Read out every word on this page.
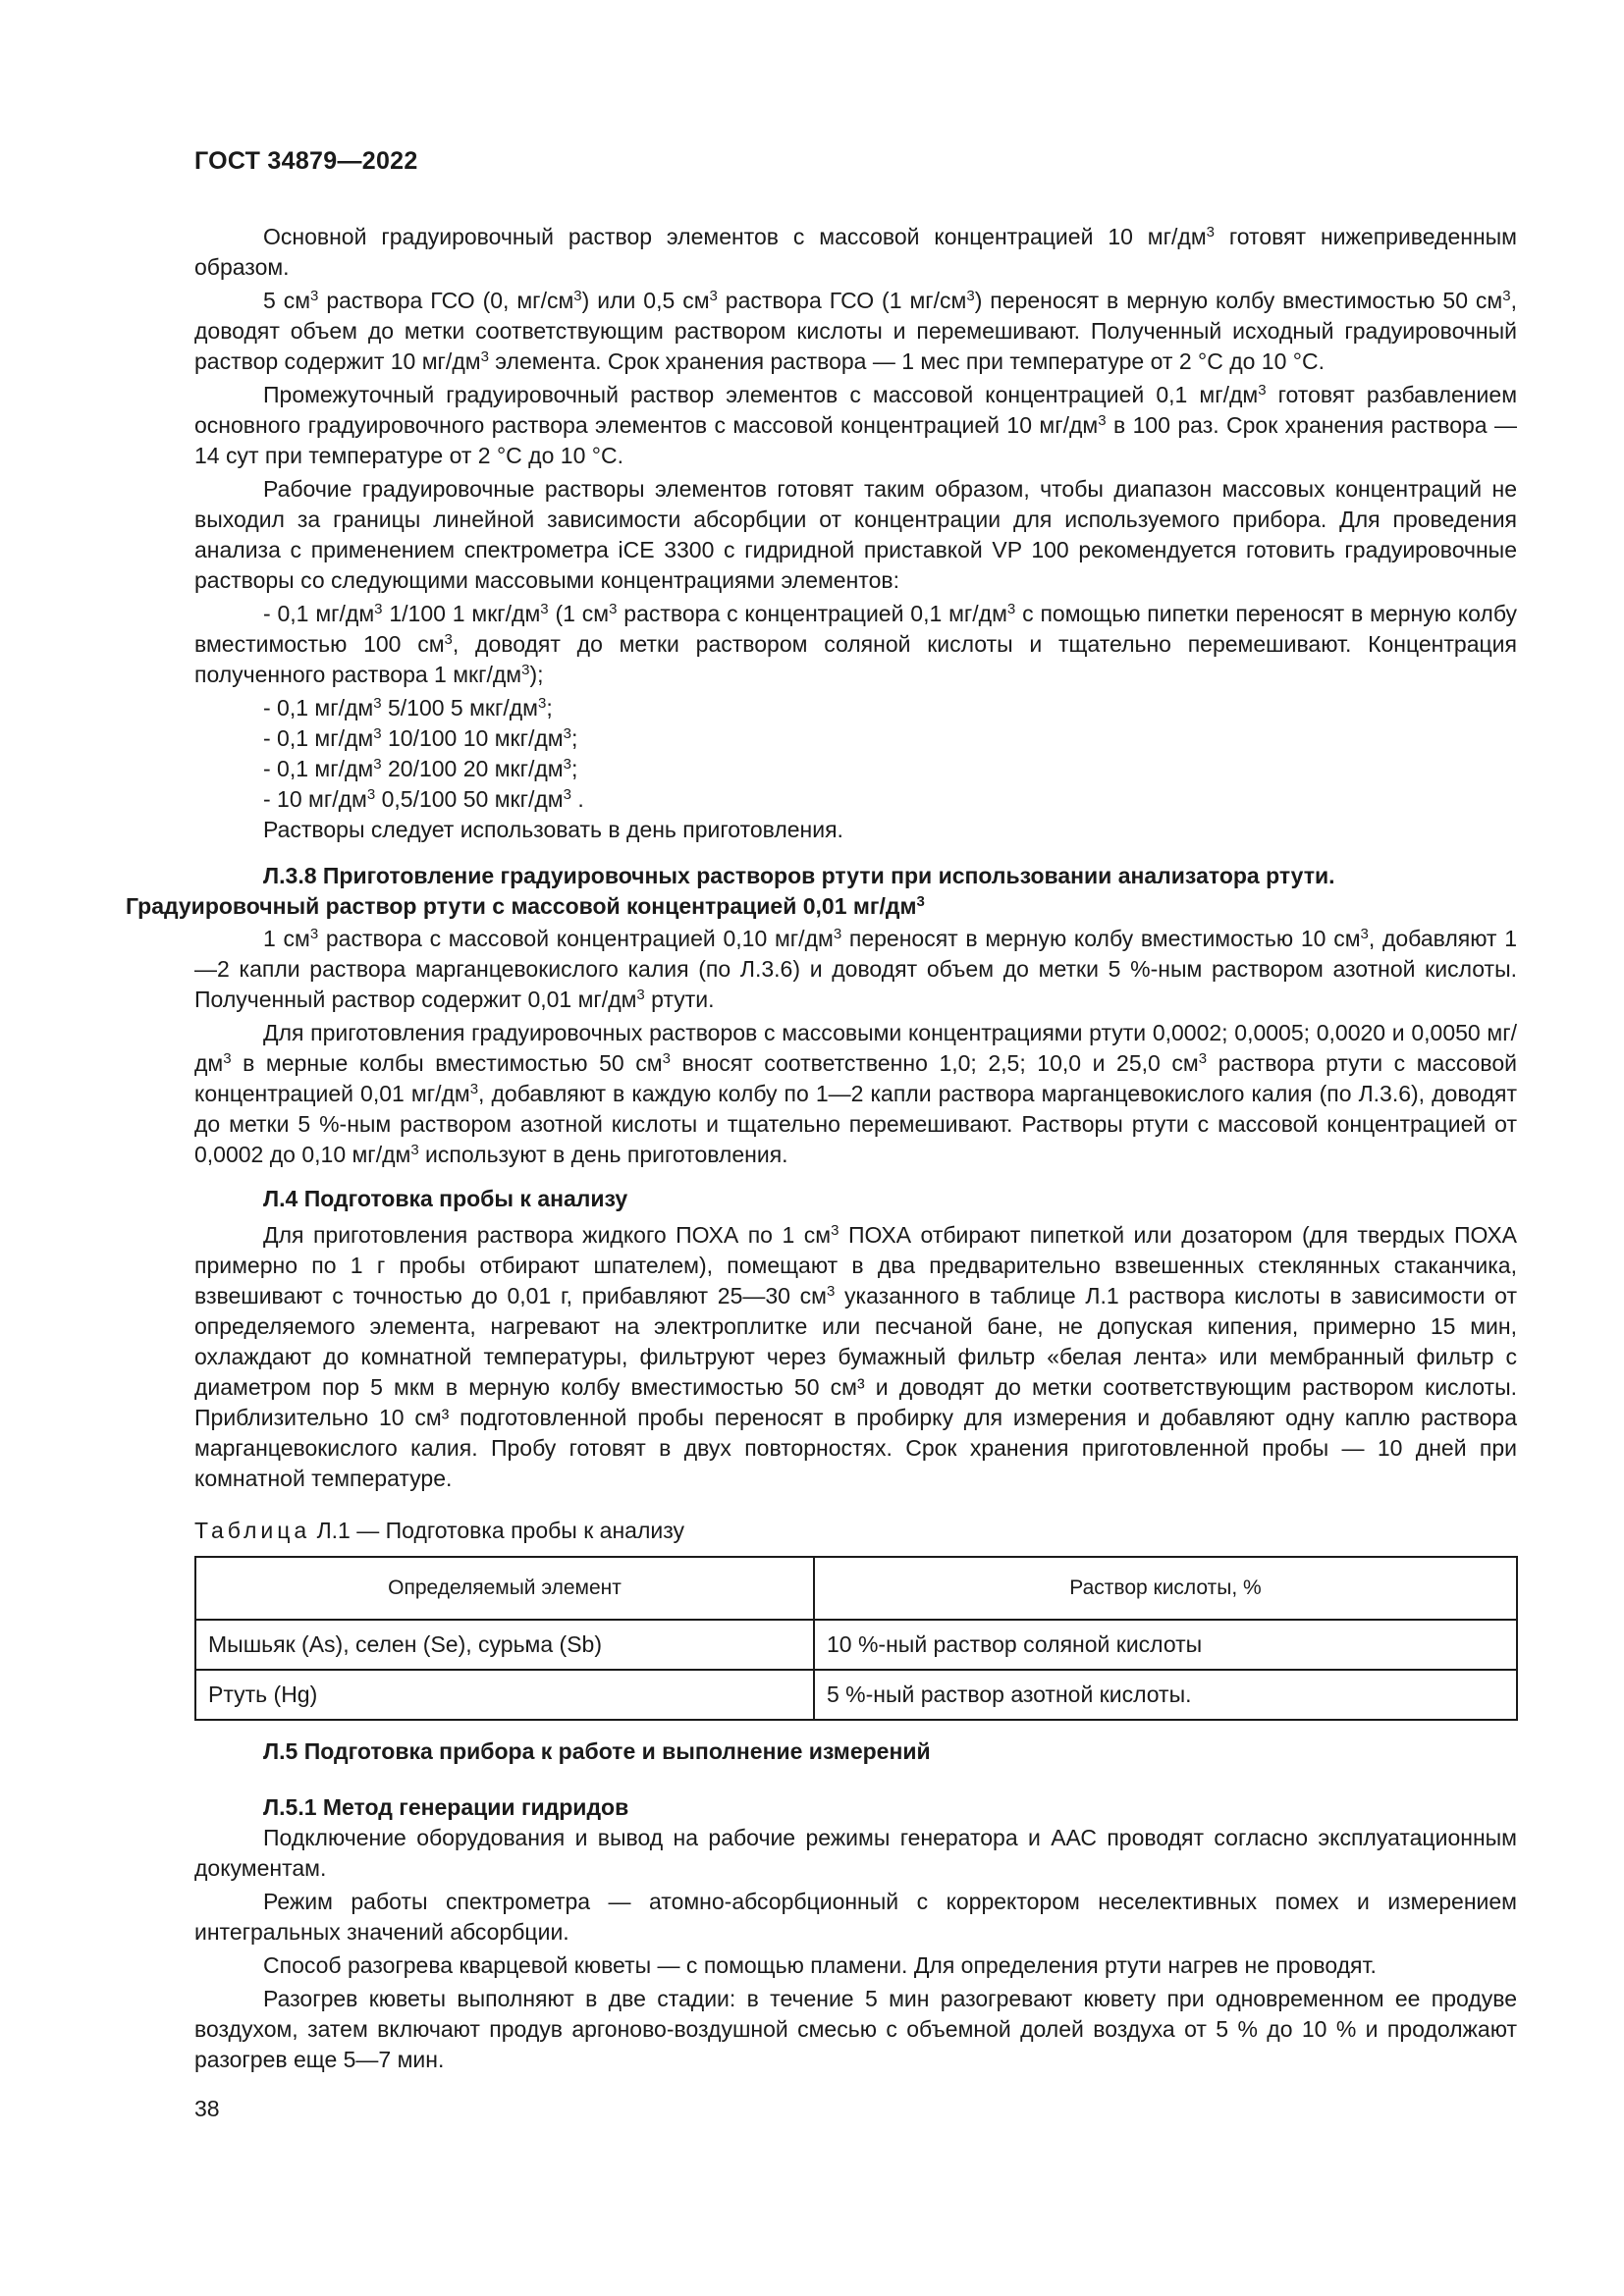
ГОСТ 34879—2022

Основной градуировочный раствор элементов с массовой концентрацией 10 $мг/дм^3$ готовят нижеприведенным образом.

5 $см^3$ раствора ГСО (0, $мг/см^3$) или 0,5 $см^3$ раствора ГСО (1 $мг/см^3$) переносят в мерную колбу вместимостью 50 $см^3$, доводят объем до метки соответствующим раствором кислоты и перемешивают. Полученный исходный градуировочный раствор содержит 10 $мг/дм^3$ элемента. Срок хранения раствора — 1 мес при температуре от 2 °C до 10 °C.

Промежуточный градуировочный раствор элементов с массовой концентрацией 0,1 $мг/дм^3$ готовят разбавлением основного градуировочного раствора элементов с массовой концентрацией 10 $мг/дм^3$ в 100 раз. Срок хранения раствора — 14 сут при температуре от 2 °C до 10 °C.

Рабочие градуировочные растворы элементов готовят таким образом, чтобы диапазон массовых концентраций не выходил за границы линейной зависимости абсорбции от концентрации для используемого прибора. Для проведения анализа с применением спектрометра iCE 3300 с гидридной приставкой VP 100 рекомендуется готовить градуировочные растворы со следующими массовыми концентрациями элементов:

- 0,1 $мг/дм^3$ 1/100 1 мкг/$дм^3$ (1 $см^3$ раствора с концентрацией 0,1 $мг/дм^3$ с помощью пипетки переносят в мерную колбу вместимостью 100 $см^3$, доводят до метки раствором соляной кислоты и тщательно перемешивают. Концентрация полученного раствора 1 мкг/$дм^3$);

- 0,1 $мг/дм^3$ 5/100 5 мкг/$дм^3$;

- 0,1 $мг/дм^3$ 10/100 10 мкг/$дм^3$;

- 0,1 $мг/дм^3$ 20/100 20 мкг/$дм^3$;

- 10 $мг/дм^3$ 0,5/100 50 мкг/$дм^3$ .

Растворы следует использовать в день приготовления.

Л.3.8 Приготовление градуировочных растворов ртути при использовании анализатора ртути.
Градуировочный раствор ртути с массовой концентрацией 0,01 $мг/дм^3$

1 $см^3$ раствора с массовой концентрацией 0,10 $мг/дм^3$ переносят в мерную колбу вместимостью 10 $см^3$, добавляют 1—2 капли раствора марганцевокислого калия (по Л.3.6) и доводят объем до метки 5 %-ным раствором азотной кислоты. Полученный раствор содержит 0,01 $мг/дм^3$ ртути.

Для приготовления градуировочных растворов с массовыми концентрациями ртути 0,0002; 0,0005; 0,0020 и 0,0050 $мг/дм^3$ в мерные колбы вместимостью 50 $см^3$ вносят соответственно 1,0; 2,5; 10,0 и 25,0 $см^3$ раствора ртути с массовой концентрацией 0,01 $мг/дм^3$, добавляют в каждую колбу по 1—2 капли раствора марганцевокислого калия (по Л.3.6), доводят до метки 5 %-ным раствором азотной кислоты и тщательно перемешивают. Растворы ртути с массовой концентрацией от 0,0002 до 0,10 $мг/дм^3$ используют в день приготовления.

Л.4 Подготовка пробы к анализу

Для приготовления раствора жидкого ПОХА по 1 $см^3$ ПОХА отбирают пипеткой или дозатором (для твердых ПОХА примерно по 1 г пробы отбирают шпателем), помещают в два предварительно взвешенных стеклянных стаканчика, взвешивают с точностью до 0,01 г, прибавляют 25—30 $см^3$ указанного в таблице Л.1 раствора кислоты в зависимости от определяемого элемента, нагревают на электроплитке или песчаной бане, не допуская кипения, примерно 15 мин, охлаждают до комнатной температуры, фильтруют через бумажный фильтр «белая лента» или мембранный фильтр с диаметром пор 5 мкм в мерную колбу вместимостью 50 см³ и доводят до метки соответствующим раствором кислоты. Приблизительно 10 см³ подготовленной пробы переносят в пробирку для измерения и добавляют одну каплю раствора марганцевокислого калия. Пробу готовят в двух повторностях. Срок хранения приготовленной пробы — 10 дней при комнатной температуре.

Таблица Л.1 — Подготовка пробы к анализу
Определяемый элемент	Раствор кислоты, %
Мышьяк (As), селен (Se), сурьма (Sb)	10 %-ный раствор соляной кислоты
Ртуть (Hg)	5 %-ный раствор азотной кислоты.
Л.5 Подготовка прибора к работе и выполнение измерений
Л.5.1 Метод генерации гидридов

Подключение оборудования и вывод на рабочие режимы генератора и ААС проводят согласно эксплуатационным документам.

Режим работы спектрометра — атомно-абсорбционный с корректором неселективных помех и измерением интегральных значений абсорбции.

Способ разогрева кварцевой кюветы — с помощью пламени. Для определения ртути нагрев не проводят.

Разогрев кюветы выполняют в две стадии: в течение 5 мин разогревают кювету при одновременном ее продуве воздухом, затем включают продув аргоново-воздушной смесью с объемной долей воздуха от 5 % до 10 % и продолжают разогрев еще 5—7 мин.

38
